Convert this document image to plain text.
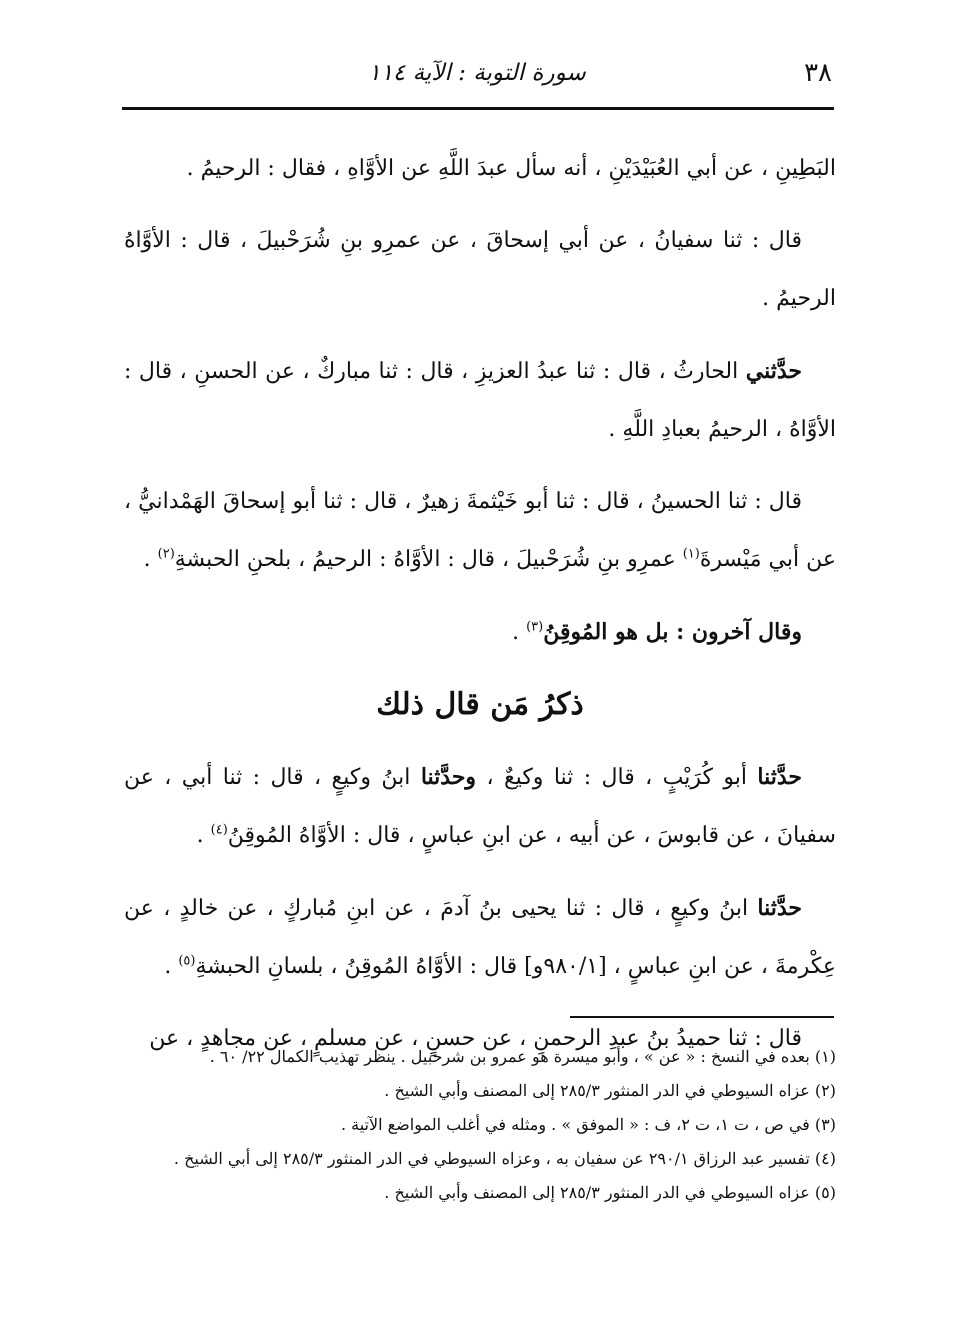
٣٨
سورة التوبة : الآية ١١٤

البَطِينِ ، عن أبي العُبَيْدَيْنِ ، أنه سأل عبدَ اللَّهِ عن الأوَّاهِ ، فقال : الرحيمُ .

قال : ثنا سفيانُ ، عن أبي إسحاقَ ، عن عمرِو بنِ شُرَحْبيلَ ، قال : الأوَّاهُ الرحيمُ .

حدَّثني الحارثُ ، قال : ثنا عبدُ العزيزِ ، قال : ثنا مباركٌ ، عن الحسنِ ، قال : الأوَّاهُ ، الرحيمُ بعبادِ اللَّهِ .

قال : ثنا الحسينُ ، قال : ثنا أبو خَيْثمةَ زهيرٌ ، قال : ثنا أبو إسحاقَ الهَمْدانيُّ ، عن أبي مَيْسرةَ$^{(١)}$ عمرِو بنِ شُرَحْبيلَ ، قال : الأوَّاهُ : الرحيمُ ، بلحنِ الحبشةِ$^{(٢)}$ .

وقال آخرون : بل هو المُوقِنُ$^{(٣)}$ .

ذكرُ مَن قال ذلك

حدَّثنا أبو كُرَيْبٍ ، قال : ثنا وكيعٌ ، وحدَّثنا ابنُ وكيعٍ ، قال : ثنا أبي ، عن سفيانَ ، عن قابوسَ ، عن أبيه ، عن ابنِ عباسٍ ، قال : الأوَّاهُ المُوقِنُ$^{(٤)}$ .

حدَّثنا ابنُ وكيعٍ ، قال : ثنا يحيى بنُ آدمَ ، عن ابنِ مُباركٍ ، عن خالدٍ ، عن عِكْرمةَ ، عن ابنِ عباسٍ ، [٩٨٠/١و] قال : الأوَّاهُ المُوقِنُ ، بلسانِ الحبشةِ$^{(٥)}$ .

قال : ثنا حميدُ بنُ عبدِ الرحمنِ ، عن حسنٍ ، عن مسلمٍ ، عن مجاهدٍ ، عن

(١) بعده في النسخ : « عن » ، وأبو ميسرة هو عمرو بن شرحبيل . ينظر تهذيب الكمال ٢٢/ ٦٠ .

(٢) عزاه السيوطي في الدر المنثور ٢٨٥/٣ إلى المصنف وأبي الشيخ .

(٣) في ص ، ت ١، ت ٢، ف : « الموفق » . ومثله في أغلب المواضع الآتية .

(٤) تفسير عبد الرزاق ٢٩٠/١ عن سفيان به ، وعزاه السيوطي في الدر المنثور ٢٨٥/٣ إلى أبي الشيخ .

(٥) عزاه السيوطي في الدر المنثور ٢٨٥/٣ إلى المصنف وأبي الشيخ .
